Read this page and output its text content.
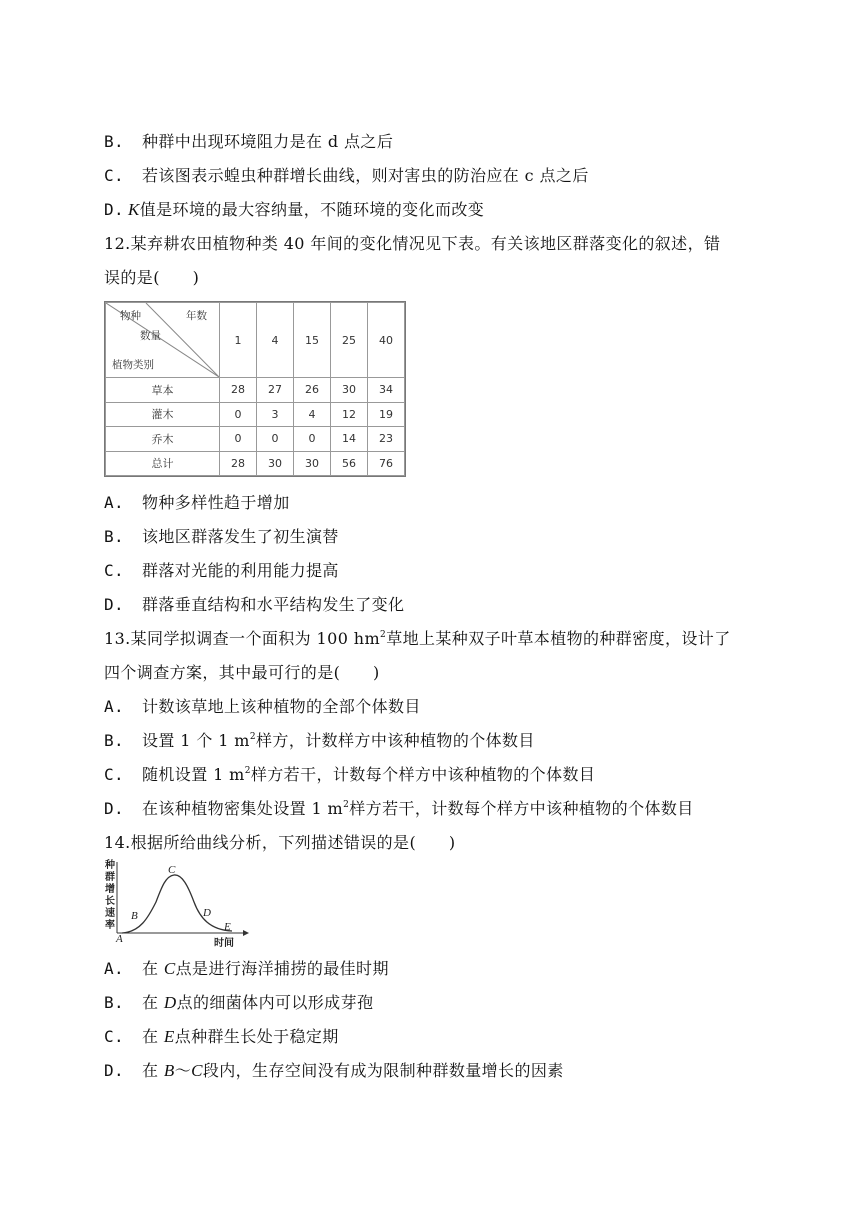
B. 种群中出现环境阻力是在 d 点之后
C. 若该图表示蝗虫种群增长曲线，则对害虫的防治应在 c 点之后
D. K值是环境的最大容纳量，不随环境的变化而改变
12.某弃耕农田植物种类 40 年间的变化情况见下表。有关该地区群落变化的叙述，错
误的是(　　)
物种 年数
数量
植物类别	1	4	15	25	40
草本	28	27	26	30	34
灌木	0	3	4	12	19
乔木	0	0	0	14	23
总计	28	30	30	56	76
A. 物种多样性趋于增加
B. 该地区群落发生了初生演替
C. 群落对光能的利用能力提高
D. 群落垂直结构和水平结构发生了变化
13.某同学拟调查一个面积为 100 $hm^2$草地上某种双子叶草本植物的种群密度，设计了
四个调查方案，其中最可行的是(　　)
A. 计数该草地上该种植物的全部个体数目
B. 设置 1 个 1 $m^2$样方，计数样方中该种植物的个体数目
C. 随机设置 1 $m^2$样方若干，计数每个样方中该种植物的个体数目
D. 在该种植物密集处设置 1 $m^2$样方若干，计数每个样方中该种植物的个体数目
14.根据所给曲线分析，下列描述错误的是(　　)
种
群
增
长
速
率
A
B
C
D
E
时间
A. 在 C点是进行海洋捕捞的最佳时期
B. 在 D点的细菌体内可以形成芽孢
C. 在 E点种群生长处于稳定期
D. 在 B～C段内，生存空间没有成为限制种群数量增长的因素
